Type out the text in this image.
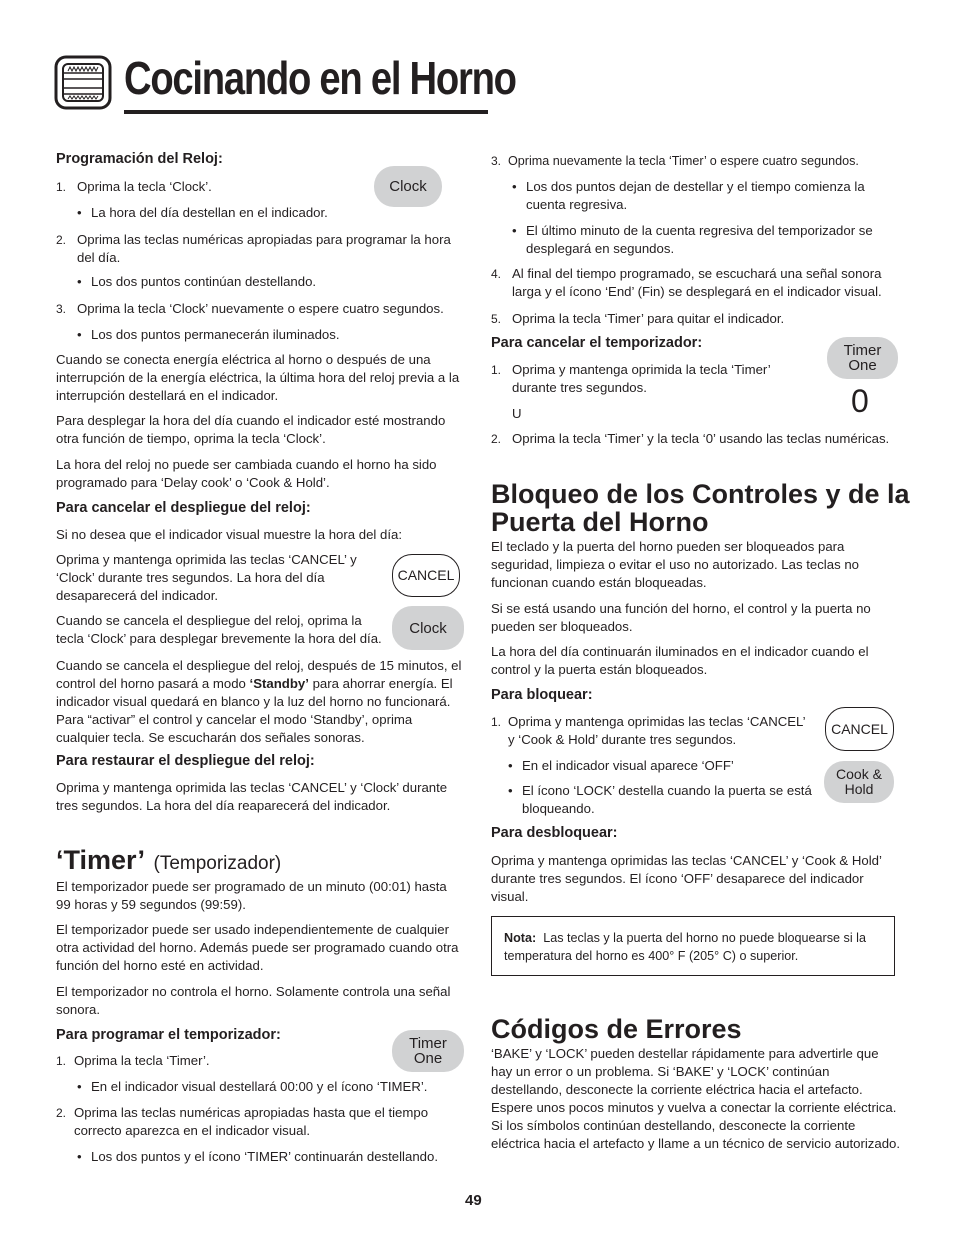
Cocinando en el Horno
Programación del Reloj:
Clock
1. Oprima la tecla ‘Clock’.

• La hora del día destellan en el indicador.

2. Oprima las teclas numéricas apropiadas para programar la hora del día.

• Los dos puntos continúan destellando.

3. Oprima la tecla ‘Clock’ nuevamente o espere cuatro segundos.

• Los dos puntos permanecerán iluminados.

Cuando se conecta energía eléctrica al horno o después de una interrupción de la energía eléctrica, la última hora del reloj previa a la interrupción destellará en el indicador.

Para desplegar la hora del día cuando el indicador esté mostrando otra función de tiempo, oprima la tecla ‘Clock’.

La hora del reloj no puede ser cambiada cuando el horno ha sido programado para ‘Delay cook’ o ‘Cook & Hold’.

Para cancelar el despliegue del reloj:

Si no desea que el indicador visual muestre la hora del día:

Oprima y mantenga oprimida las teclas ‘CANCEL’ y ‘Clock’ durante tres segundos. La hora del día desaparecerá del indicador.

CANCEL

Cuando se cancela el despliegue del reloj, oprima la tecla ‘Clock’ para desplegar brevemente la hora del día.

Clock

Cuando se cancela el despliegue del reloj, después de 15 minutos, el control del horno pasará a modo ‘Standby’ para ahorrar energía. El indicador visual quedará en blanco y la luz del horno no funcionará. Para “activar” el control y cancelar el modo ‘Standby’, oprima cualquier tecla. Se escucharán dos señales sonoras.

Para restaurar el despliegue del reloj:

Oprima y mantenga oprimida las teclas ‘CANCEL’ y ‘Clock’ durante tres segundos. La hora del día reaparecerá del indicador.

‘Timer’ (Temporizador)

El temporizador puede ser programado de un minuto (00:01) hasta 99 horas y 59 segundos (99:59).

El temporizador puede ser usado independientemente de cualquier otra actividad del horno. Además puede ser programado cuando otra función del horno esté en actividad.

El temporizador no controla el horno. Solamente controla una señal sonora.

Para programar el temporizador:	Timer
One
1. Oprima la tecla ‘Timer’.

• En el indicador visual destellará 00:00 y el ícono ‘TIMER’.

2. Oprima las teclas numéricas apropiadas hasta que el tiempo correcto aparezca en el indicador visual.

• Los dos puntos y el ícono ‘TIMER’ continuarán destellando.

3. Oprima nuevamente la tecla ‘Timer’ o espere cuatro segundos.

• Los dos puntos dejan de destellar y el tiempo comienza la cuenta regresiva.

• El último minuto de la cuenta regresiva del temporizador se desplegará en segundos.

4. Al final del tiempo programado, se escuchará una señal sonora larga y el ícono ‘End’ (Fin) se desplegará en el indicador visual.

5. Oprima la tecla ‘Timer’ para quitar el indicador.

Para cancelar el temporizador:	Timer
One
0
1. Oprima y mantenga oprimida la tecla ‘Timer’ durante tres segundos.

U

2. Oprima la tecla ‘Timer’ y la tecla ‘0’ usando las teclas numéricas.

Bloqueo de los Controles y de la Puerta del Horno

El teclado y la puerta del horno pueden ser bloqueados para seguridad, limpieza o evitar el uso no autorizado. Las teclas no funcionan cuando están bloqueadas.

Si se está usando una función del horno, el control y la puerta no pueden ser bloqueados.

La hora del día continuarán iluminados en el indicador cuando el control y la puerta están bloqueados.

Para bloquear:
CANCEL
1. Oprima y mantenga oprimidas las teclas ‘CANCEL’ y ‘Cook & Hold’ durante tres segundos.

• En el indicador visual aparece ‘OFF’

Cook &
Hold

• El ícono ‘LOCK’ destella cuando la puerta se está bloqueando.

Para desbloquear:

Oprima y mantenga oprimidas las teclas ‘CANCEL’ y ‘Cook & Hold’ durante tres segundos. El ícono ‘OFF’ desaparece del indicador visual.

Nota: Las teclas y la puerta del horno no puede bloquearse si la temperatura del horno es 400° F (205° C) o superior.

Códigos de Errores

‘BAKE’ y ‘LOCK’ pueden destellar rápidamente para advertirle que hay un error o un problema. Si ‘BAKE’ y ‘LOCK’ continúan destellando, desconecte la corriente eléctrica hacia el artefacto. Espere unos pocos minutos y vuelva a conectar la corriente eléctrica. Si los símbolos continúan destellando, desconecte la corriente eléctrica hacia el artefacto y llame a un técnico de servicio autorizado.

49
